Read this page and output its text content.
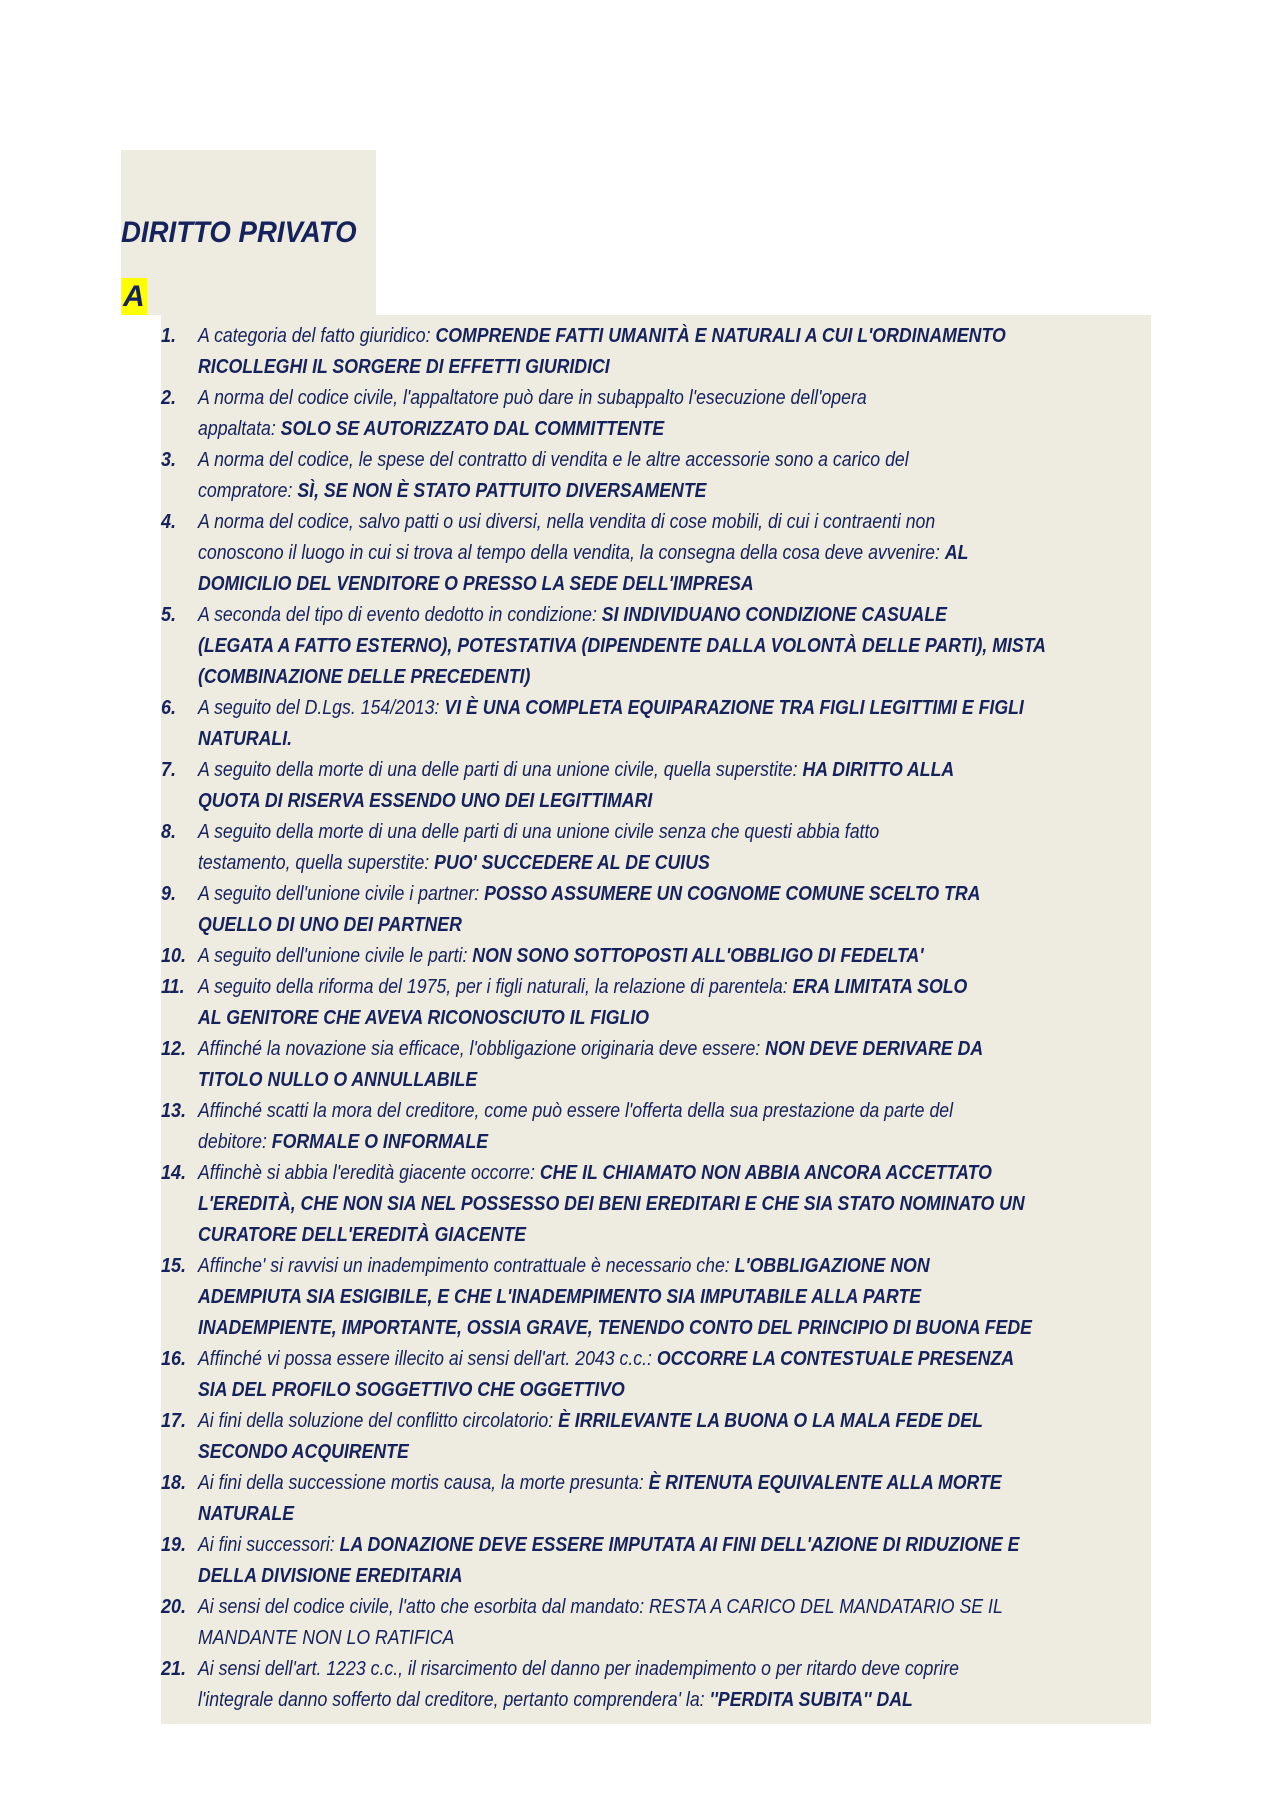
DIRITTO PRIVATO
A
1. A categoria del fatto giuridico: COMPRENDE FATTI UMANITÀ E NATURALI A CUI L'ORDINAMENTO
RICOLLEGHI IL SORGERE DI EFFETTI GIURIDICI
2. A norma del codice civile, l'appaltatore può dare in subappalto l'esecuzione dell'opera
appaltata: SOLO SE AUTORIZZATO DAL COMMITTENTE
3. A norma del codice, le spese del contratto di vendita e le altre accessorie sono a carico del
compratore: SÌ, SE NON È STATO PATTUITO DIVERSAMENTE
4. A norma del codice, salvo patti o usi diversi, nella vendita di cose mobili, di cui i contraenti non
conoscono il luogo in cui si trova al tempo della vendita, la consegna della cosa deve avvenire: AL
DOMICILIO DEL VENDITORE O PRESSO LA SEDE DELL'IMPRESA
5. A seconda del tipo di evento dedotto in condizione: SI INDIVIDUANO CONDIZIONE CASUALE
(LEGATA A FATTO ESTERNO), POTESTATIVA (DIPENDENTE DALLA VOLONTÀ DELLE PARTI), MISTA
(COMBINAZIONE DELLE PRECEDENTI)
6. A seguito del D.Lgs. 154/2013: VI È UNA COMPLETA EQUIPARAZIONE TRA FIGLI LEGITTIMI E FIGLI
NATURALI.
7. A seguito della morte di una delle parti di una unione civile, quella superstite: HA DIRITTO ALLA
QUOTA DI RISERVA ESSENDO UNO DEI LEGITTIMARI
8. A seguito della morte di una delle parti di una unione civile senza che questi abbia fatto
testamento, quella superstite: PUO' SUCCEDERE AL DE CUIUS
9. A seguito dell'unione civile i partner: POSSO ASSUMERE UN COGNOME COMUNE SCELTO TRA
QUELLO DI UNO DEI PARTNER
10. A seguito dell'unione civile le parti: NON SONO SOTTOPOSTI ALL'OBBLIGO DI FEDELTA'
11. A seguito della riforma del 1975, per i figli naturali, la relazione di parentela: ERA LIMITATA SOLO
AL GENITORE CHE AVEVA RICONOSCIUTO IL FIGLIO
12. Affinché la novazione sia efficace, l'obbligazione originaria deve essere: NON DEVE DERIVARE DA
TITOLO NULLO O ANNULLABILE
13. Affinché scatti la mora del creditore, come può essere l'offerta della sua prestazione da parte del
debitore: FORMALE O INFORMALE
14. Affinchè si abbia l'eredità giacente occorre: CHE IL CHIAMATO NON ABBIA ANCORA ACCETTATO
L'EREDITÀ, CHE NON SIA NEL POSSESSO DEI BENI EREDITARI E CHE SIA STATO NOMINATO UN
CURATORE DELL'EREDITÀ GIACENTE
15. Affinche' si ravvisi un inadempimento contrattuale è necessario che: L'OBBLIGAZIONE NON
ADEMPIUTA SIA ESIGIBILE, E CHE L'INADEMPIMENTO SIA IMPUTABILE ALLA PARTE
INADEMPIENTE, IMPORTANTE, OSSIA GRAVE, TENENDO CONTO DEL PRINCIPIO DI BUONA FEDE
16. Affinché vi possa essere illecito ai sensi dell'art. 2043 c.c.: OCCORRE LA CONTESTUALE PRESENZA
SIA DEL PROFILO SOGGETTIVO CHE OGGETTIVO
17. Ai fini della soluzione del conflitto circolatorio: È IRRILEVANTE LA BUONA O LA MALA FEDE DEL
SECONDO ACQUIRENTE
18. Ai fini della successione mortis causa, la morte presunta: È RITENUTA EQUIVALENTE ALLA MORTE
NATURALE
19. Ai fini successori: LA DONAZIONE DEVE ESSERE IMPUTATA AI FINI DELL'AZIONE DI RIDUZIONE E
DELLA DIVISIONE EREDITARIA
20. Ai sensi del codice civile, l'atto che esorbita dal mandato: RESTA A CARICO DEL MANDATARIO SE IL
MANDANTE NON LO RATIFICA
21. Ai sensi dell'art. 1223 c.c., il risarcimento del danno per inadempimento o per ritardo deve coprire
l'integrale danno sofferto dal creditore, pertanto comprendera' la: ''PERDITA SUBITA'' DAL
